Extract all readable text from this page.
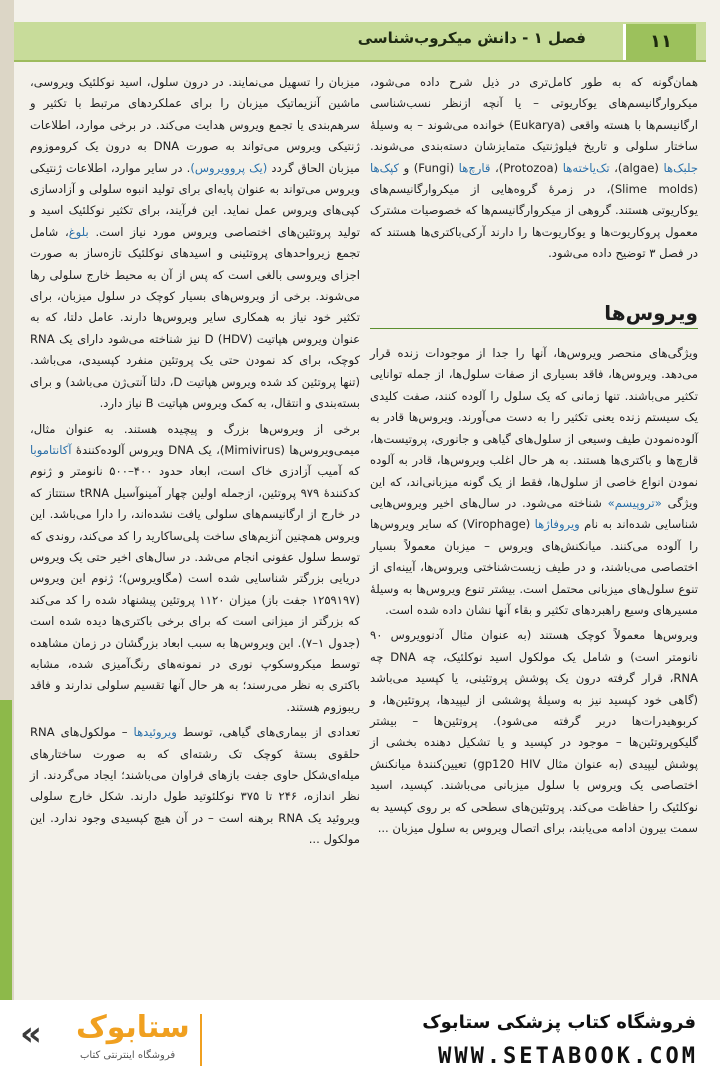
فصل ۱ - دانش میکروب‌شناسی	۱۱

همان‌گونه که به طور کامل‌تری در ذیل شرح داده می‌شود، میکروارگانیسم‌های یوکاریوتی – یا آنچه ازنظر نسب‌شناسی ارگانیسم‌ها با هسته واقعی (Eukarya) خوانده می‌شوند – به وسیلهٔ ساختار سلولی و تاریخ فیلوژنتیک متمایزشان دسته‌بندی می‌شوند. جلبک‌ها (algae)، تک‌یاخته‌ها (Protozoa)، قارچ‌ها (Fungi) و کپک‌ها (Slime molds)، در زمرهٔ گروه‌هایی از میکروارگانیسم‌های یوکاریوتی هستند. گروهی از میکروارگانیسم‌ها که خصوصیات مشترک معمول پروکاریوت‌ها و یوکاریوت‌ها را دارند آرکی‌باکتری‌ها هستند که در فصل ۳ توضیح داده می‌شود.

ویروس‌ها

ویژگی‌های منحصر ویروس‌ها، آنها را جدا از موجودات زنده قرار می‌دهد. ویروس‌ها، فاقد بسیاری از صفات سلول‌ها، از جمله توانایی تکثیر می‌باشند. تنها زمانی که یک سلول را آلوده کنند، صفت کلیدی یک سیستم زنده یعنی تکثیر را به دست می‌آورند. ویروس‌ها قادر به آلوده‌نمودن طیف وسیعی از سلول‌های گیاهی و جانوری، پروتیست‌ها، قارچ‌ها و باکتری‌ها هستند. به هر حال اغلب ویروس‌ها، قادر به آلوده نمودن انواع خاصی از سلول‌ها، فقط از یک گونه میزبانی‌اند، که این ویژگی «تروپیسم» شناخته می‌شود. در سال‌های اخیر ویروس‌هایی شناسایی شده‌اند به نام ویروفاژها (Virophage) که سایر ویروس‌ها را آلوده می‌کنند. میانکنش‌های ویروس – میزبان معمولاً بسیار اختصاصی می‌باشند، و در طیف زیست‌شناختی ویروس‌ها، آیینه‌ای از تنوع سلول‌های میزبانی محتمل است. بیشتر تنوع ویروس‌ها به وسیلهٔ مسیرهای وسیع راهبردهای تکثیر و بقاء آنها نشان داده شده است.

ویروس‌ها معمولاً کوچک هستند (به عنوان مثال آدنوویروس ۹۰ نانومتر است) و شامل یک مولکول اسید نوکلئیک، چه DNA چه RNA، قرار گرفته درون یک پوشش پروتئینی، یا کپسید می‌باشد (گاهی خود کپسید نیز به وسیلهٔ پوششی از لیپیدها، پروتئین‌ها، و کربوهیدرات‌ها دربر گرفته می‌شود). پروتئین‌ها – بیشتر گلیکوپروتئین‌ها – موجود در کپسید و یا تشکیل دهنده بخشی از پوشش لیپیدی (به عنوان مثال gp120 HIV) تعیین‌کنندهٔ میانکنش اختصاصی یک ویروس با سلول میزبانی می‌باشند. کپسید، اسید نوکلئیک را حفاظت می‌کند. پروتئین‌های سطحی که بر روی کپسید به سمت بیرون ادامه می‌یابند، برای اتصال ویروس به سلول میزبان ...

میزبان را تسهیل می‌نمایند. در درون سلول، اسید نوکلئیک ویروسی، ماشین آنزیماتیک میزبان را برای عملکردهای مرتبط با تکثیر و سرهم‌بندی یا تجمع ویروس هدایت می‌کند. در برخی موارد، اطلاعات ژنتیکی ویروس می‌تواند به صورت DNA به درون یک کروموزوم میزبان الحاق گردد (یک پروویروس). در سایر موارد، اطلاعات ژنتیکی ویروس می‌تواند به عنوان پایه‌ای برای تولید انبوه سلولی و آزادسازی کپی‌های ویروس عمل نماید. این فرآیند، برای تکثیر نوکلئیک اسید و تولید پروتئین‌های اختصاصی ویروس مورد نیاز است. بلوغ، شامل تجمع زیرواحدهای پروتئینی و اسیدهای نوکلئیک تازه‌ساز به صورت اجزای ویروسی بالغی است که پس از آن به محیط خارج سلولی رها می‌شوند. برخی از ویروس‌های بسیار کوچک در سلول میزبان، برای تکثیر خود نیاز به همکاری سایر ویروس‌ها دارند. عامل دلتا، که به عنوان ویروس هپاتیت D (HDV) نیز شناخته می‌شود دارای یک RNA کوچک، برای کد نمودن حتی یک پروتئین منفرد کپسیدی، می‌باشد. (تنها پروتئین کد شده ویروس هپاتیت D، دلتا آنتی‌ژن می‌باشد) و برای بسته‌بندی و انتقال، به کمک ویروس هپاتیت B نیاز دارد.

برخی از ویروس‌ها بزرگ و پیچیده هستند. به عنوان مثال، میمی‌ویروس‌ها (Mimivirus)، یک DNA ویروس آلوده‌کنندهٔ آکانتاموبا که آمیب آزادزی خاک است، ابعاد حدود ۴۰۰–۵۰۰ نانومتر و ژنوم کدکنندهٔ ۹۷۹ پروتئین، ازجمله اولین چهار آمینوآسیل tRNA سنتتاز که در خارج از ارگانیسم‌های سلولی یافت نشده‌اند، را دارا می‌باشد. این ویروس همچنین آنزیم‌های ساخت پلی‌ساکارید را کد می‌کند، روندی که توسط سلول عفونی انجام می‌شد. در سال‌های اخیر حتی یک ویروس دریایی بزرگتر شناسایی شده است (مگاویروس)؛ ژنوم این ویروس (۱۲۵۹۱۹۷ جفت باز) میزان ۱۱۲۰ پروتئین پیشنهاد شده را کد می‌کند که بزرگتر از میزانی است که برای برخی باکتری‌ها دیده شده است (جدول ۱–۷). این ویروس‌ها به سبب ابعاد بزرگشان در زمان مشاهده توسط میکروسکوپ نوری در نمونه‌های رنگ‌آمیزی شده، مشابه باکتری به نظر می‌رسند؛ به هر حال آنها تقسیم سلولی ندارند و فاقد ریبوزوم هستند.

تعدادی از بیماری‌های گیاهی، توسط ویروئیدها – مولکول‌های RNA حلقوی بستهٔ کوچک تک رشته‌ای که به صورت ساختارهای میله‌ای‌شکل حاوی جفت بازهای فراوان می‌باشند؛ ایجاد می‌گردند. از نظر اندازه، ۲۴۶ تا ۳۷۵ نوکلئوتید طول دارند. شکل خارج سلولی ویروئید یک RNA برهنه است – در آن هیچ کپسیدی وجود ندارد. این مولکول ...

« ستابوک
فروشگاه اینترنتی کتاب
فروشگاه کتاب پزشکی ستابوک
WWW.SETABOOK.COM
